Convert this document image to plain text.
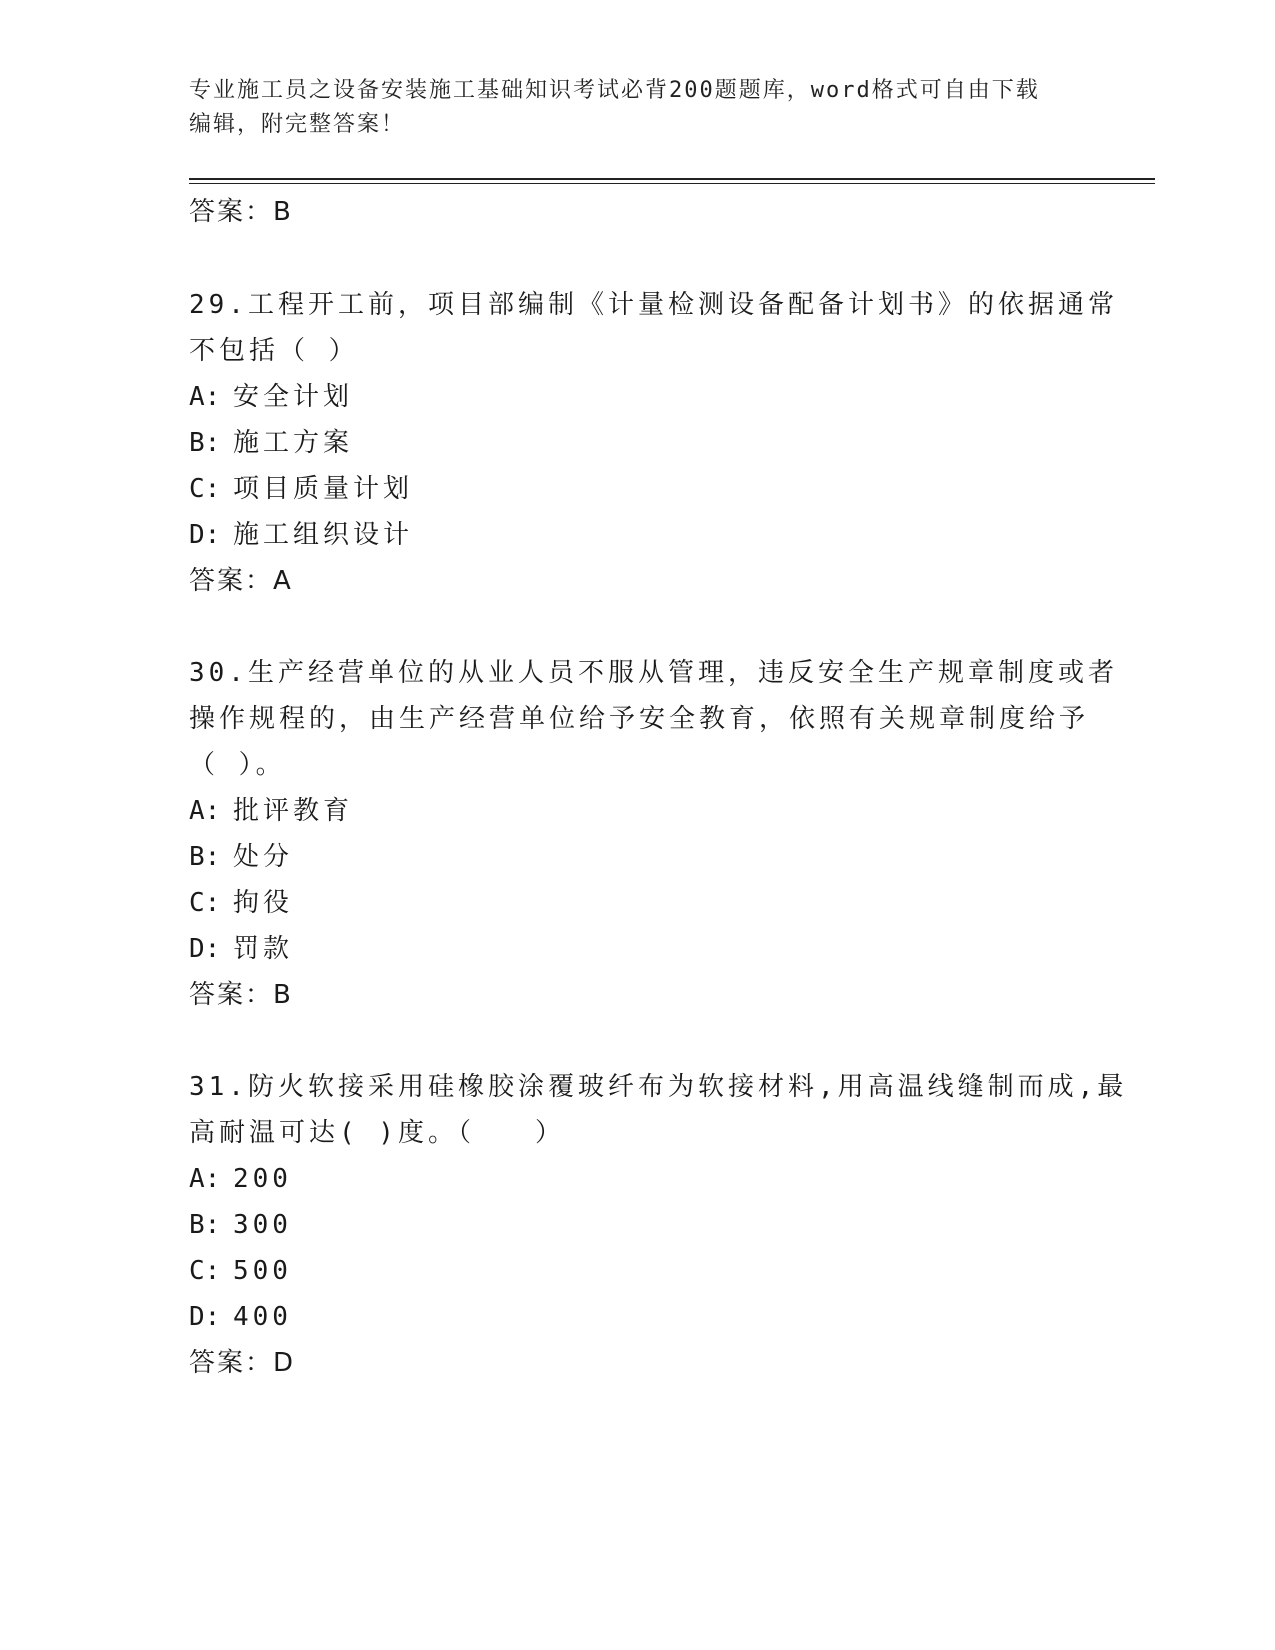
专业施工员之设备安装施工基础知识考试必背200题题库，word格式可自由下载
编辑，附完整答案！
答案：B
29.工程开工前，项目部编制《计量检测设备配备计划书》的依据通常
不包括（ ）
A: 安全计划
B: 施工方案
C: 项目质量计划
D: 施工组织设计
答案：A
30.生产经营单位的从业人员不服从管理，违反安全生产规章制度或者
操作规程的，由生产经营单位给予安全教育，依照有关规章制度给予
（ ）。
A: 批评教育
B: 处分
C: 拘役
D: 罚款
答案：B
31.防火软接采用硅橡胶涂覆玻纤布为软接材料,用高温线缝制而成,最
高耐温可达( )度。（　　）
A: 200
B: 300
C: 500
D: 400
答案：D
